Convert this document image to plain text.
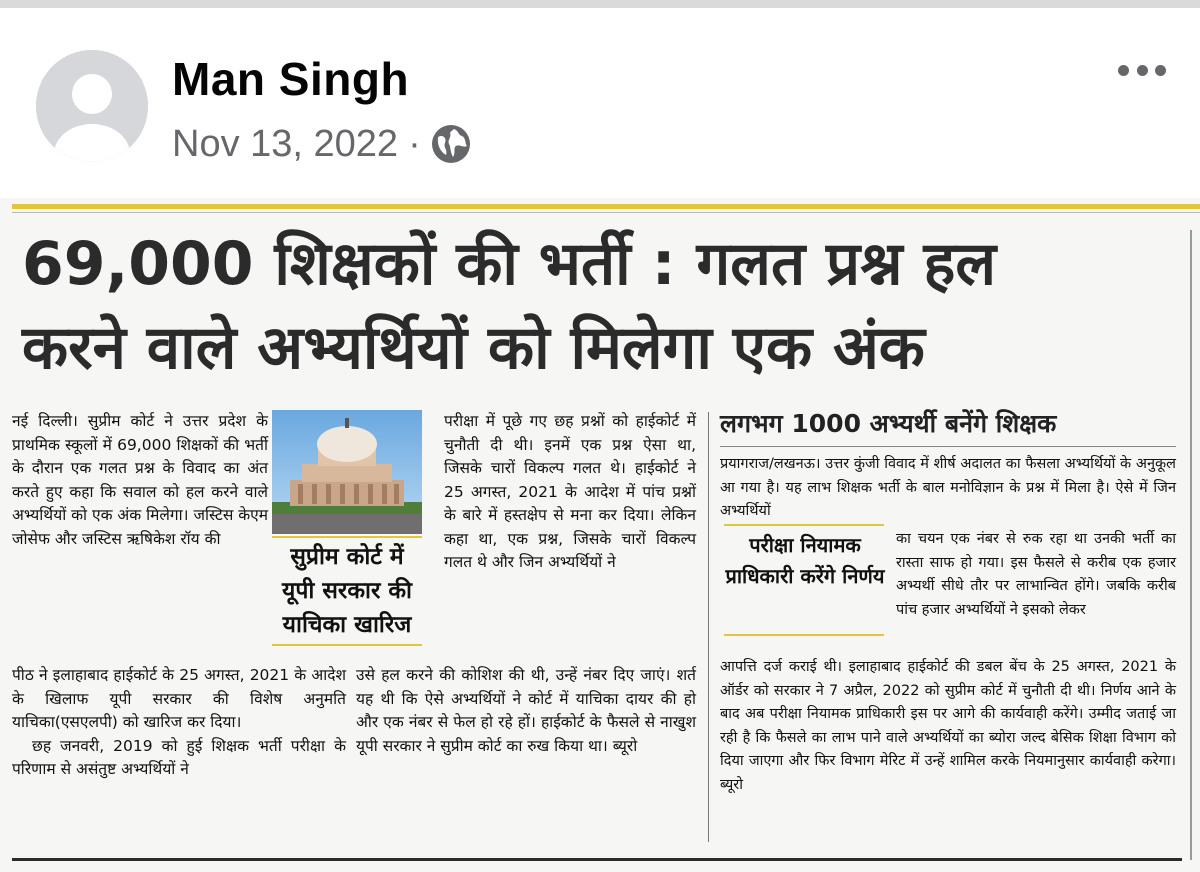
Man Singh
Nov 13, 2022 ·
69,000 शिक्षकों की भर्ती : गलत प्रश्न हल
करने वाले अभ्यर्थियों को मिलेगा एक अंक

नई दिल्ली। सुप्रीम कोर्ट ने उत्तर प्रदेश के प्राथमिक स्कूलों में 69,000 शिक्षकों की भर्ती के दौरान एक गलत प्रश्न के विवाद का अंत करते हुए कहा कि सवाल को हल करने वाले अभ्यर्थियों को एक अंक मिलेगा। जस्टिस केएम जोसेफ और जस्टिस ऋषिकेश रॉय की

सुप्रीम कोर्ट में यूपी सरकार की याचिका खारिज

परीक्षा में पूछे गए छह प्रश्नों को हाईकोर्ट में चुनौती दी थी। इनमें एक प्रश्न ऐसा था, जिसके चारों विकल्प गलत थे। हाईकोर्ट ने 25 अगस्त, 2021 के आदेश में पांच प्रश्नों के बारे में हस्तक्षेप से मना कर दिया। लेकिन कहा था, एक प्रश्न, जिसके चारों विकल्प गलत थे और जिन अभ्यर्थियों ने

पीठ ने इलाहाबाद हाईकोर्ट के 25 अगस्त, 2021 के आदेश के खिलाफ यूपी सरकार की विशेष अनुमति याचिका(एसएलपी) को खारिज कर दिया।

छह जनवरी, 2019 को हुई शिक्षक भर्ती परीक्षा के परिणाम से असंतुष्ट अभ्यर्थियों ने

उसे हल करने की कोशिश की थी, उन्हें नंबर दिए जाएं। शर्त यह थी कि ऐसे अभ्यर्थियों ने कोर्ट में याचिका दायर की हो और एक नंबर से फेल हो रहे हों। हाईकोर्ट के फैसले से नाखुश यूपी सरकार ने सुप्रीम कोर्ट का रुख किया था। ब्यूरो

लगभग 1000 अभ्यर्थी बनेंगे शिक्षक

प्रयागराज/लखनऊ। उत्तर कुंजी विवाद में शीर्ष अदालत का फैसला अभ्यर्थियों के अनुकूल आ गया है। यह लाभ शिक्षक भर्ती के बाल मनोविज्ञान के प्रश्न में मिला है। ऐसे में जिन अभ्यर्थियों

परीक्षा नियामक प्राधिकारी करेंगे निर्णय

का चयन एक नंबर से रुक रहा था उनकी भर्ती का रास्ता साफ हो गया। इस फैसले से करीब एक हजार अभ्यर्थी सीधे तौर पर लाभान्वित होंगे। जबकि करीब पांच हजार अभ्यर्थियों ने इसको लेकर

आपत्ति दर्ज कराई थी। इलाहाबाद हाईकोर्ट की डबल बेंच के 25 अगस्त, 2021 के ऑर्डर को सरकार ने 7 अप्रैल, 2022 को सुप्रीम कोर्ट में चुनौती दी थी। निर्णय आने के बाद अब परीक्षा नियामक प्राधिकारी इस पर आगे की कार्यवाही करेंगे। उम्मीद जताई जा रही है कि फैसले का लाभ पाने वाले अभ्यर्थियों का ब्योरा जल्द बेसिक शिक्षा विभाग को दिया जाएगा और फिर विभाग मेरिट में उन्हें शामिल करके नियमानुसार कार्यवाही करेगा। ब्यूरो
